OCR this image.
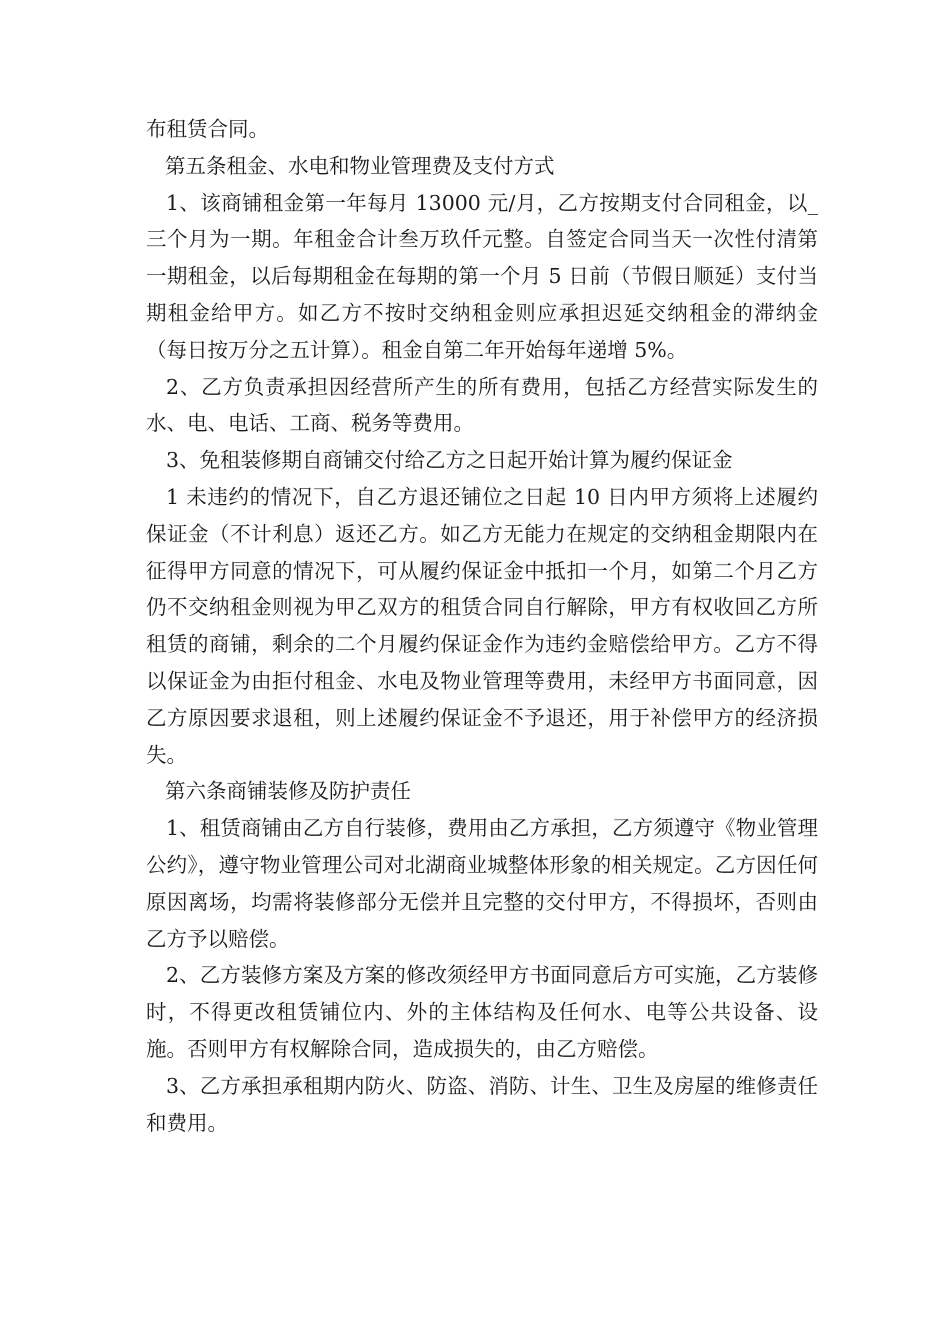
布租赁合同。

第五条租金、水电和物业管理费及支付方式

1、该商铺租金第一年每月 13000 元/月，乙方按期支付合同租金，以_三个月为一期。年租金合计叁万玖仟元整。自签定合同当天一次性付清第一期租金，以后每期租金在每期的第一个月 5 日前（节假日顺延）支付当期租金给甲方。如乙方不按时交纳租金则应承担迟延交纳租金的滞纳金（每日按万分之五计算）。租金自第二年开始每年递增 5%。

2、乙方负责承担因经营所产生的所有费用，包括乙方经营实际发生的水、电、电话、工商、税务等费用。

3、免租装修期自商铺交付给乙方之日起开始计算为履约保证金

1 未违约的情况下，自乙方退还铺位之日起 10 日内甲方须将上述履约保证金（不计利息）返还乙方。如乙方无能力在规定的交纳租金期限内在征得甲方同意的情况下，可从履约保证金中抵扣一个月，如第二个月乙方仍不交纳租金则视为甲乙双方的租赁合同自行解除，甲方有权收回乙方所租赁的商铺，剩余的二个月履约保证金作为违约金赔偿给甲方。乙方不得以保证金为由拒付租金、水电及物业管理等费用，未经甲方书面同意，因乙方原因要求退租，则上述履约保证金不予退还，用于补偿甲方的经济损失。

第六条商铺装修及防护责任

1、租赁商铺由乙方自行装修，费用由乙方承担，乙方须遵守《物业管理公约》，遵守物业管理公司对北湖商业城整体形象的相关规定。乙方因任何原因离场，均需将装修部分无偿并且完整的交付甲方，不得损坏，否则由乙方予以赔偿。

2、乙方装修方案及方案的修改须经甲方书面同意后方可实施，乙方装修时，不得更改租赁铺位内、外的主体结构及任何水、电等公共设备、设施。否则甲方有权解除合同，造成损失的，由乙方赔偿。

3、乙方承担承租期内防火、防盗、消防、计生、卫生及房屋的维修责任和费用。
